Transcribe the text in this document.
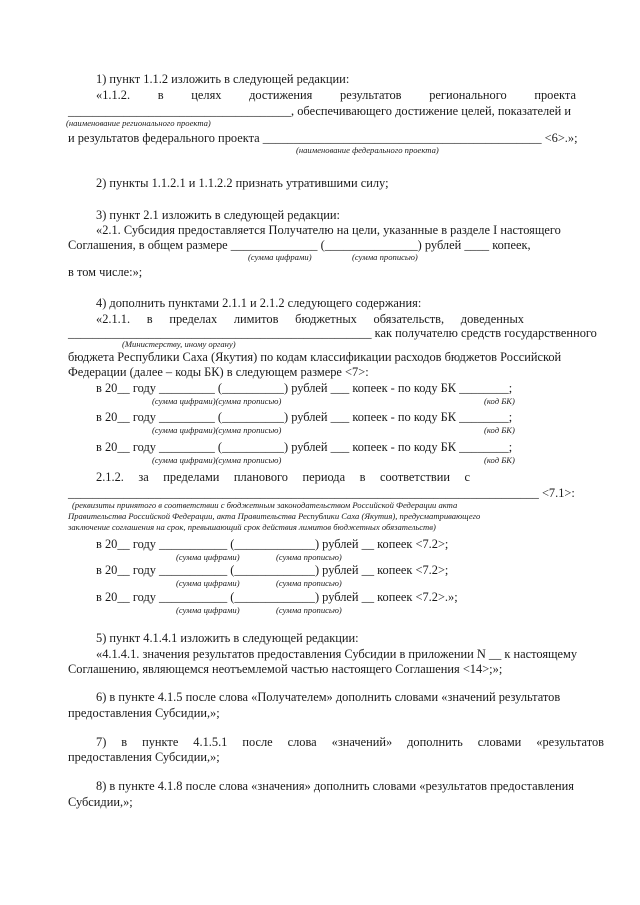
1) пункт 1.1.2 изложить в следующей редакции:
«1.1.2. в целях достижения результатов регионального проекта
____________________________________, обеспечивающего достижение целей, показателей и
(наименование регионального проекта)
и результатов федерального проекта _____________________________________________ <6>.»;
(наименование федерального проекта)
2) пункты 1.1.2.1 и 1.1.2.2 признать утратившими силу;
3) пункт 2.1 изложить в следующей редакции:
«2.1. Субсидия предоставляется Получателю на цели, указанные в разделе I настоящего
Соглашения, в общем размере ______________ (_______________) рублей ____ копеек,
(сумма цифрами)	(сумма прописью)
в том числе:»;
4) дополнить пунктами 2.1.1 и 2.1.2 следующего содержания:
«2.1.1. в пределах лимитов бюджетных обязательств, доведенных
_________________________________________________ как получателю средств государственного
(Министерству, иному органу)
бюджета Республики Саха (Якутия) по кодам классификации расходов бюджетов Российской
Федерации (далее – коды БК) в следующем размере <7>:
в 20__ году _________ (__________) рублей ___ копеек - по коду БК ________;
(сумма цифрами)(сумма прописью)	(код БК)
в 20__ году _________ (__________) рублей ___ копеек - по коду БК ________;
(сумма цифрами)(сумма прописью)	(код БК)
в 20__ году _________ (__________) рублей ___ копеек - по коду БК ________;
(сумма цифрами)(сумма прописью)	(код БК)
2.1.2. за пределами планового периода в соответствии с
____________________________________________________________________________ <7.1>:
(реквизиты принятого в соответствии с бюджетным законодательством Российской Федерации акта
Правительства Российской Федерации, акта Правительства Республики Саха (Якутия), предусматривающего
заключение соглашения на срок, превышающий срок действия лимитов бюджетных обязательств)
в 20__ году ___________ (_____________) рублей __ копеек <7.2>;
(сумма цифрами)	(сумма прописью)
в 20__ году ___________ (_____________) рублей __ копеек <7.2>;
(сумма цифрами)	(сумма прописью)
в 20__ году ___________ (_____________) рублей __ копеек <7.2>.»;
(сумма цифрами)	(сумма прописью)
5) пункт 4.1.4.1 изложить в следующей редакции:
«4.1.4.1. значения результатов предоставления Субсидии в приложении N __ к настоящему
Соглашению, являющемся неотъемлемой частью настоящего Соглашения <14>;»;
6) в пункте 4.1.5 после слова «Получателем» дополнить словами «значений результатов
предоставления Субсидии,»;
7) в пункте 4.1.5.1 после слова «значений» дополнить словами «результатов
предоставления Субсидии,»;
8) в пункте 4.1.8 после слова «значения» дополнить словами «результатов предоставления
Субсидии,»;
